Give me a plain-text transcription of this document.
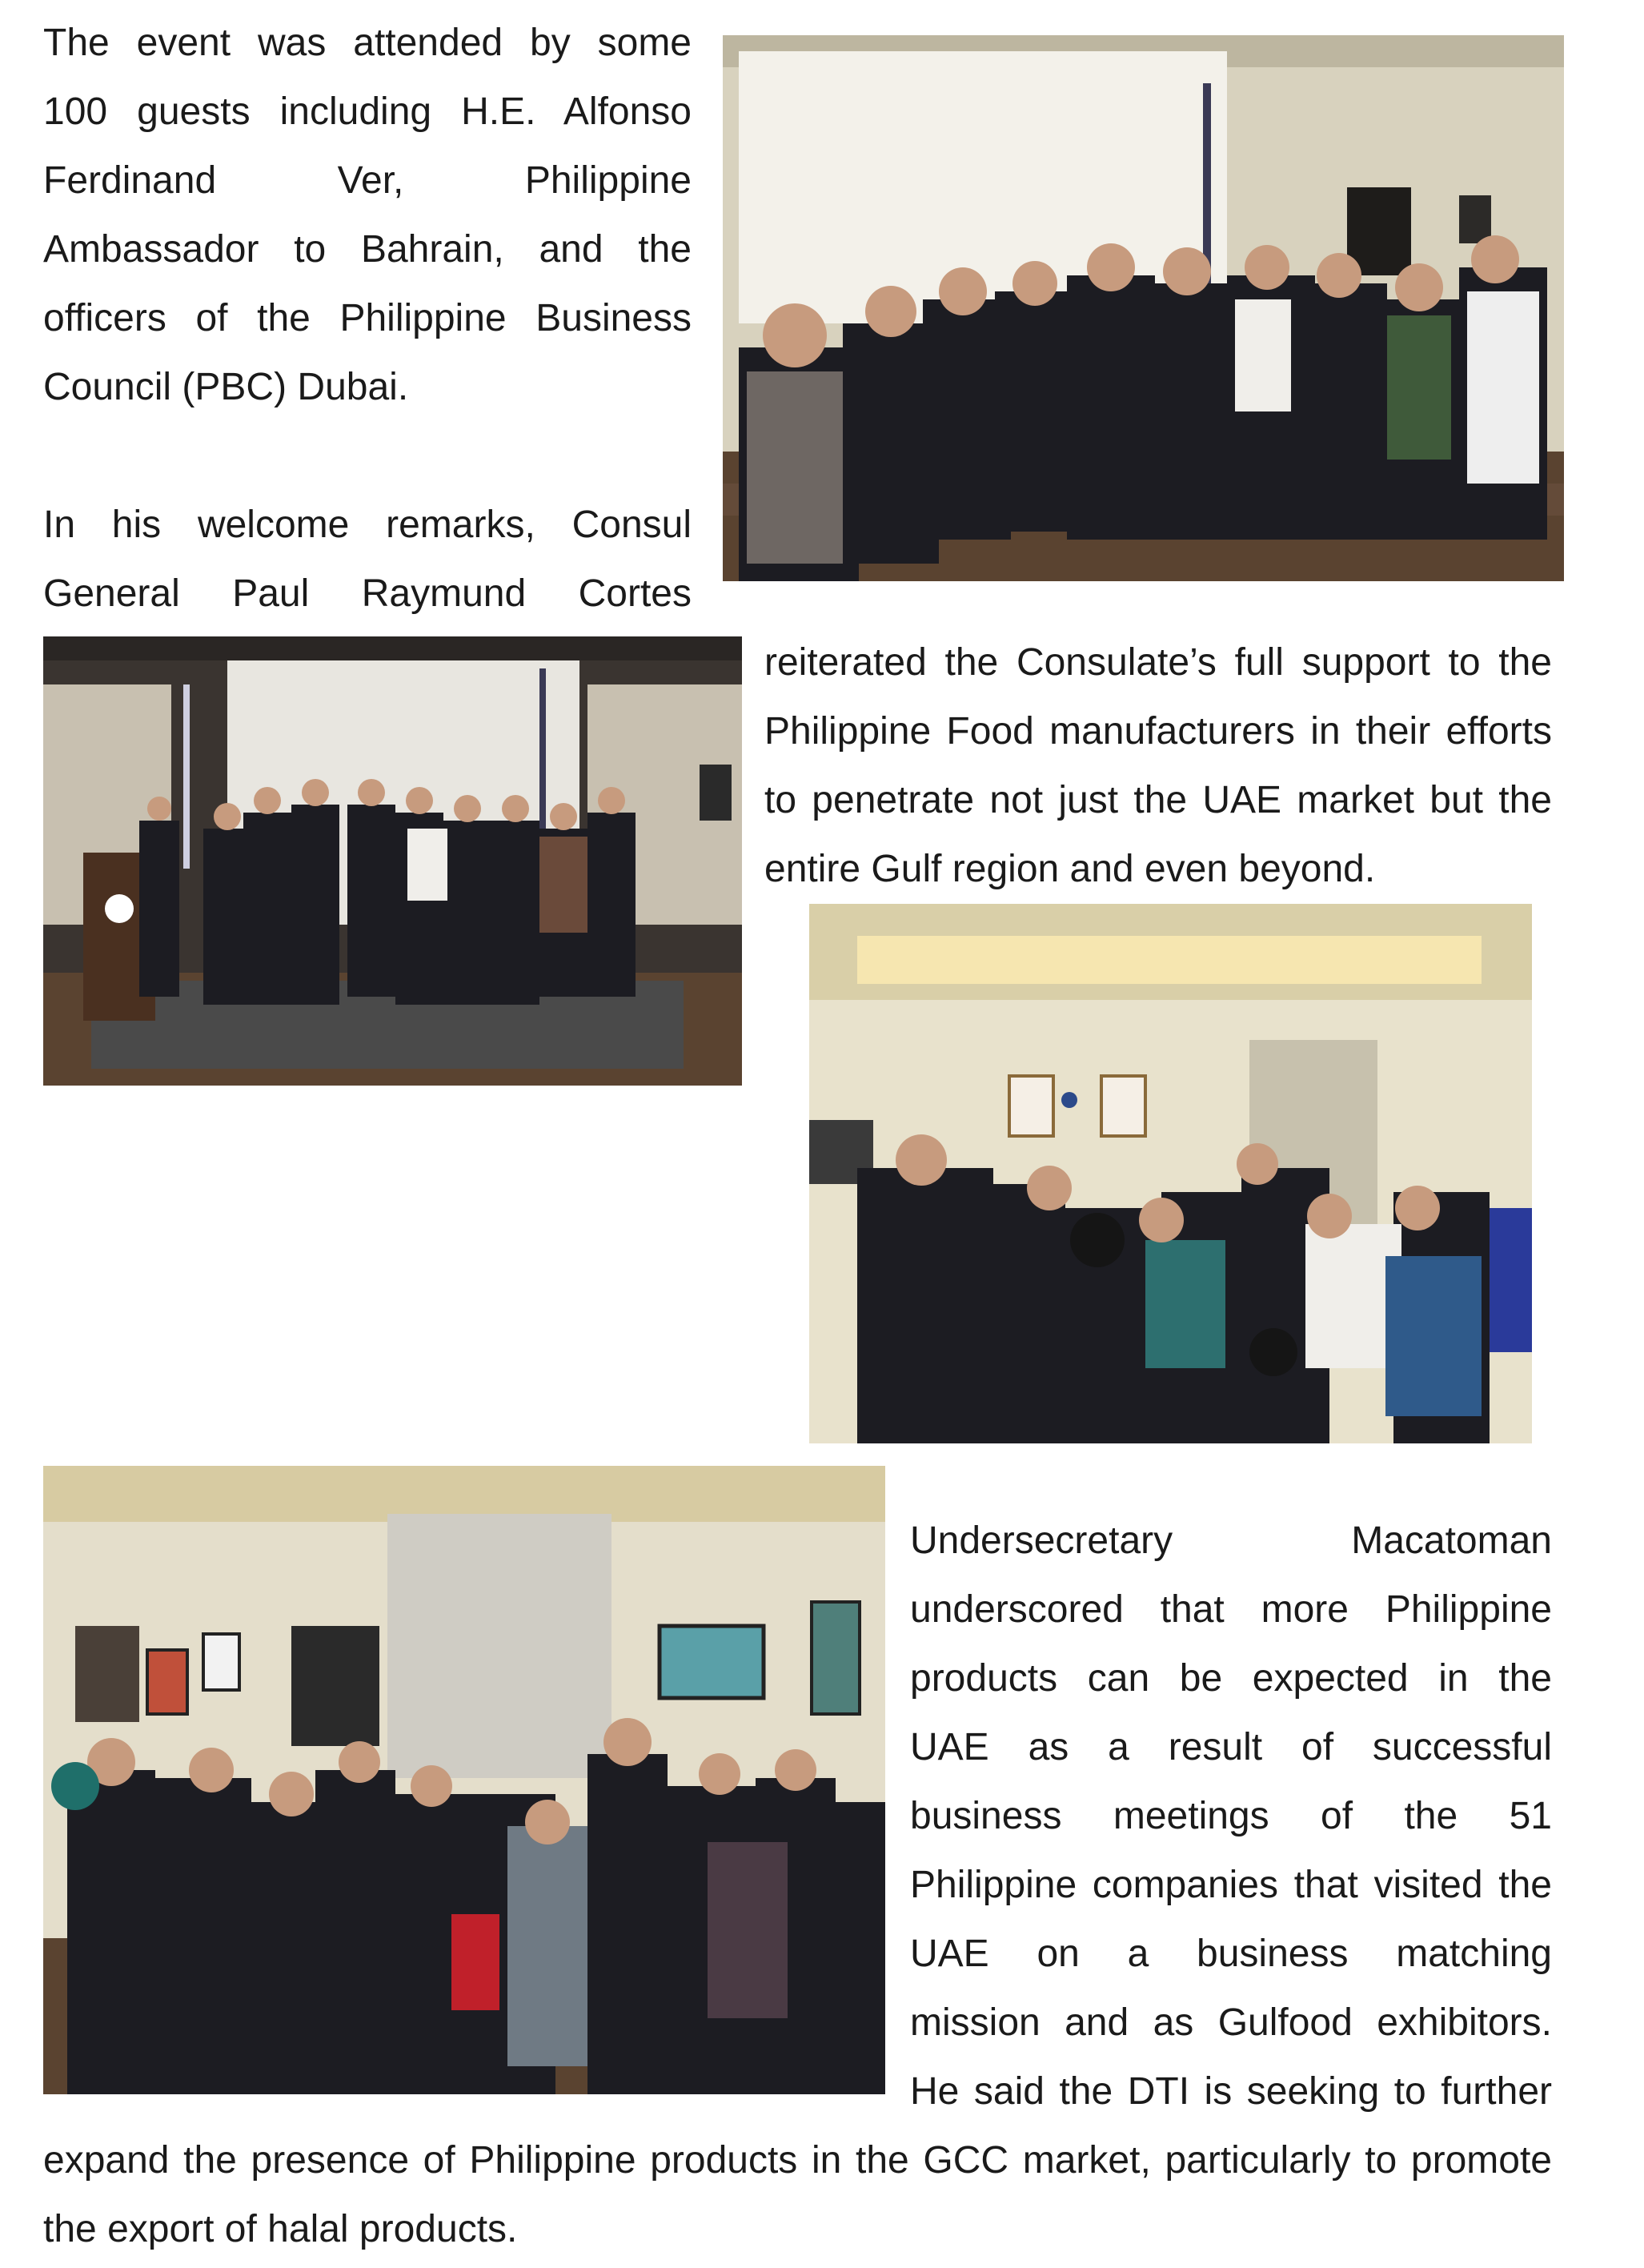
The event was attended by some
100 guests including H.E. Alfonso
Ferdinand Ver, Philippine
Ambassador to Bahrain, and the
officers of the Philippine Business
Council (PBC) Dubai.
In his welcome remarks, Consul
General Paul Raymund Cortes
reiterated the Consulate’s full support to the
Philippine Food manufacturers in their efforts
to penetrate not just the UAE market but the
entire Gulf region and even beyond.
Undersecretary Macatoman
underscored that more Philippine
products can be expected in the
UAE as a result of successful
business meetings of the 51
Philippine companies that visited the
UAE on a business matching
mission and as Gulfood exhibitors.
He said the DTI is seeking to further
expand the presence of Philippine products in the GCC market, particularly to promote
the export of halal products.
